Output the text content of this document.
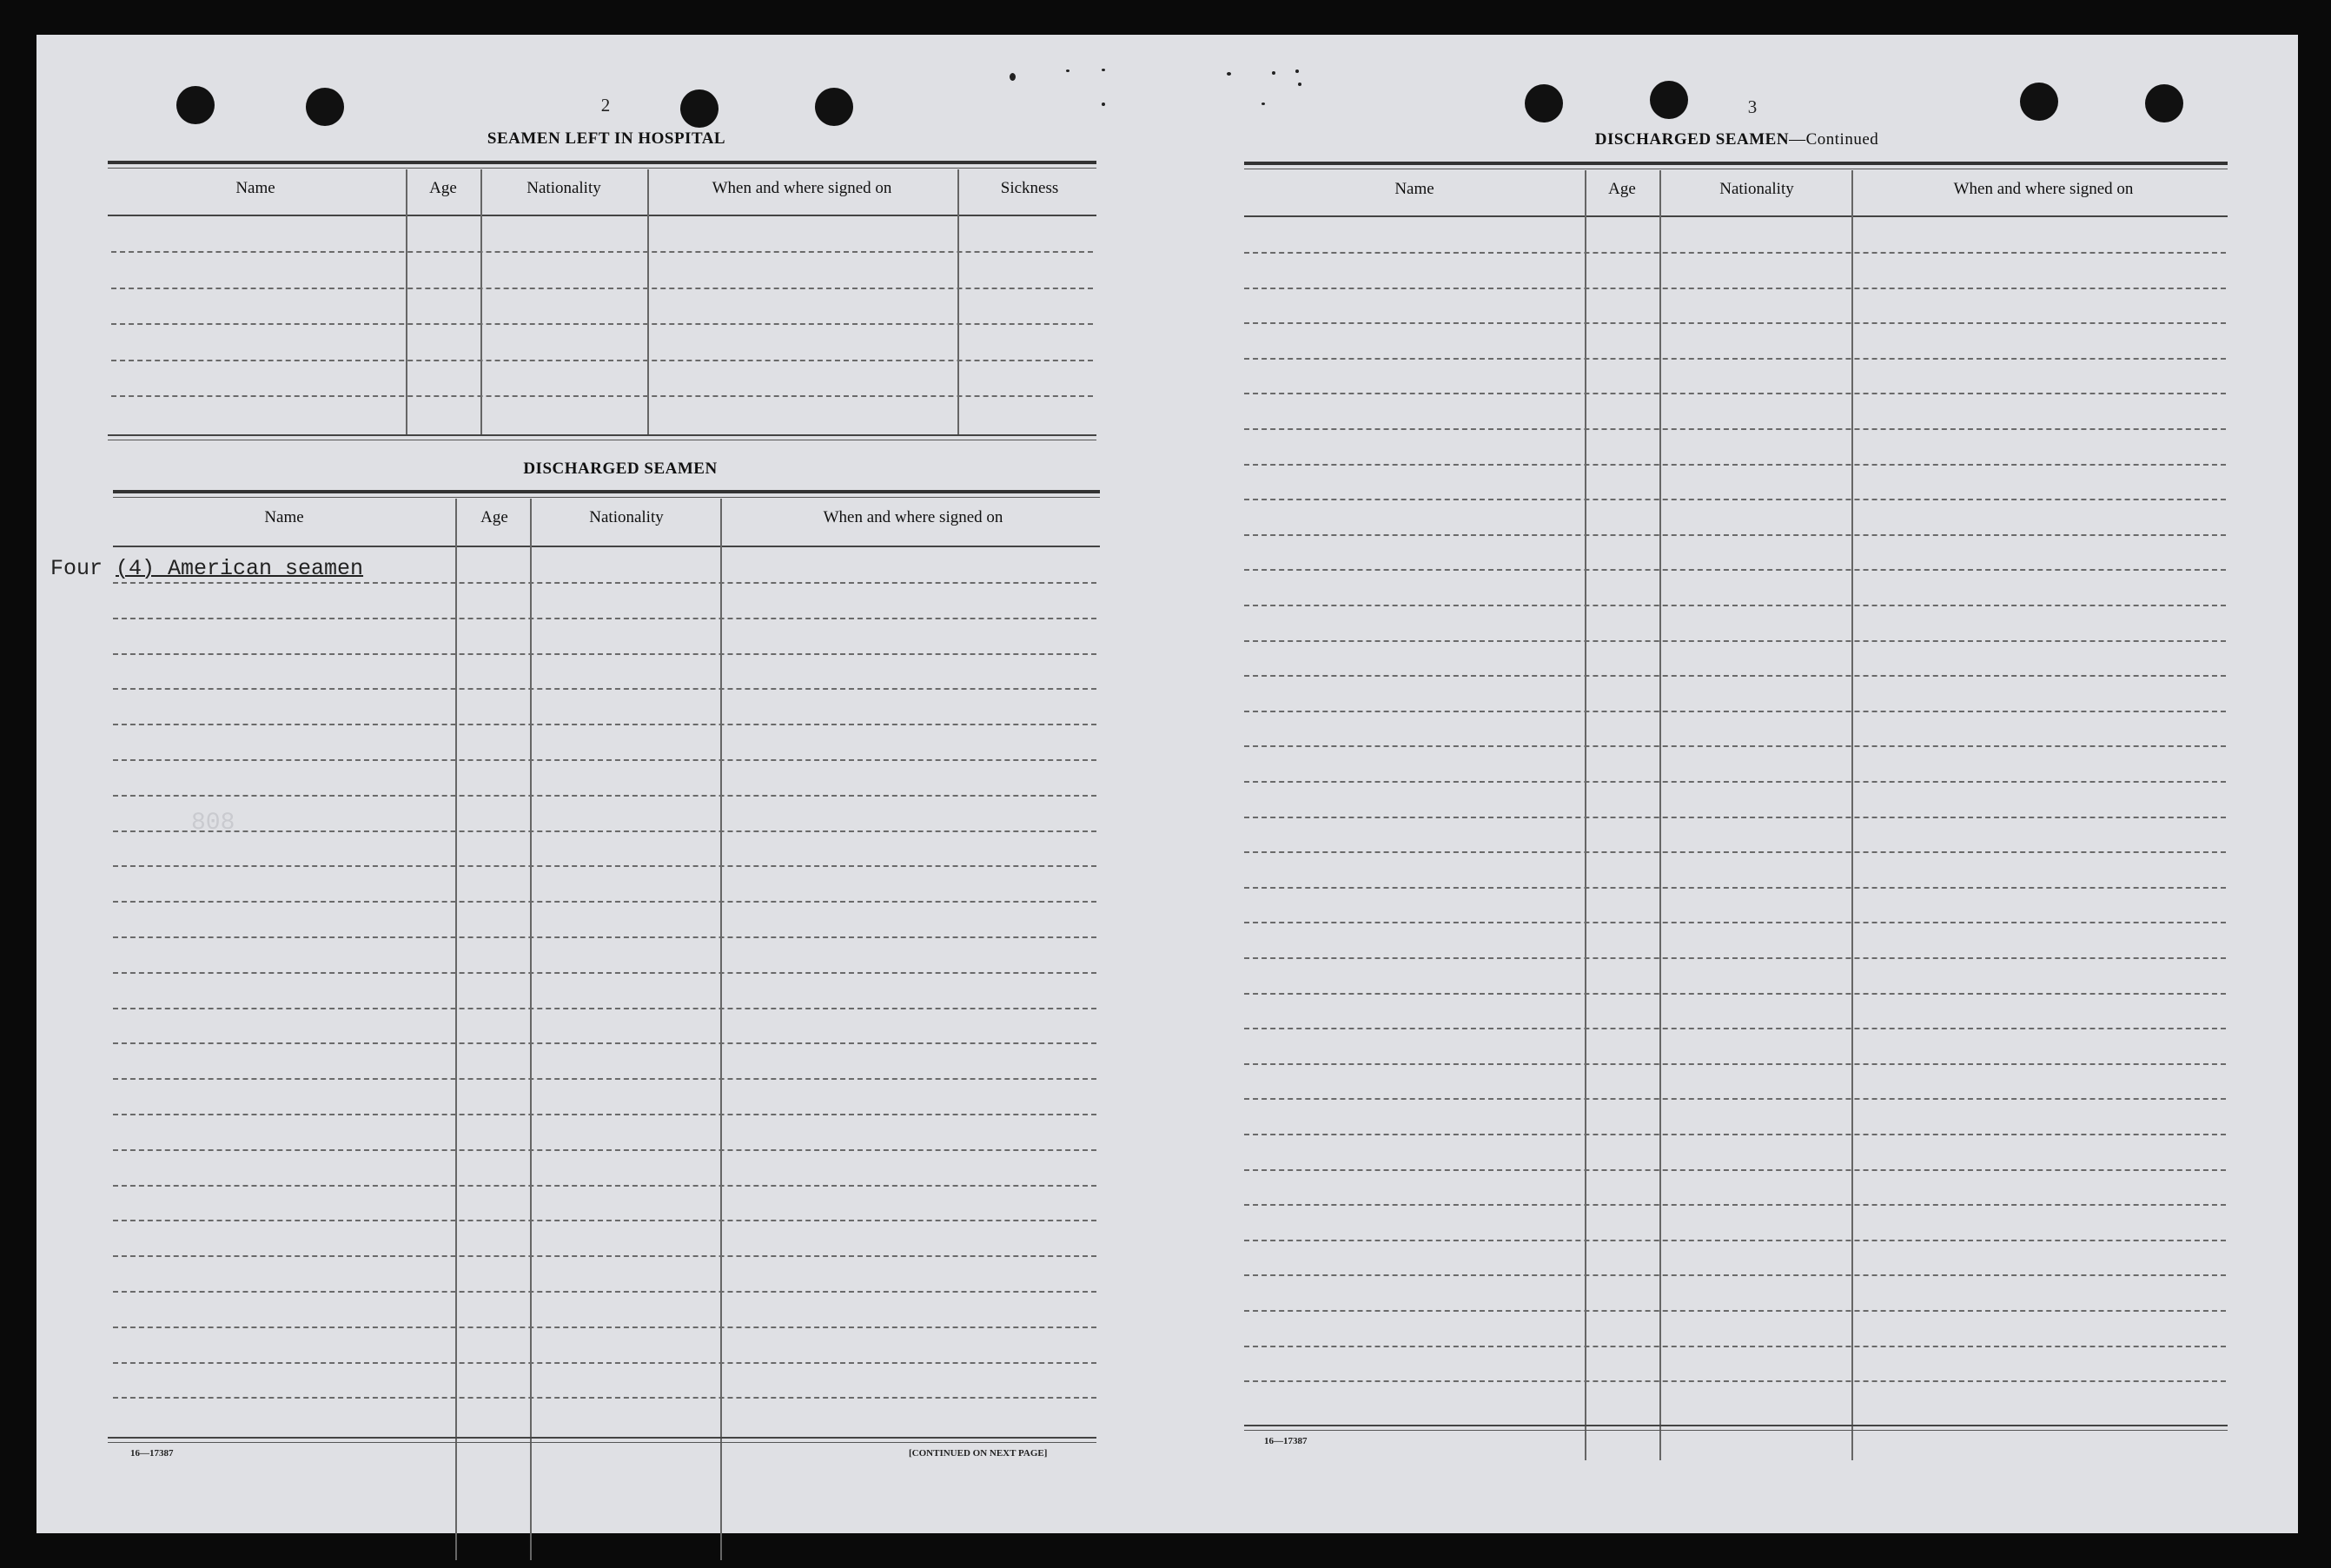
808
2
SEAMEN LEFT IN HOSPITAL
Name	Age	Nationality	When and where signed on	Sickness
DISCHARGED SEAMEN
Name	Age	Nationality	When and where signed on
Four (4) American seamen
16—17387	[CONTINUED ON NEXT PAGE]
3
DISCHARGED SEAMEN—Continued
Name	Age	Nationality	When and where signed on
16—17387
